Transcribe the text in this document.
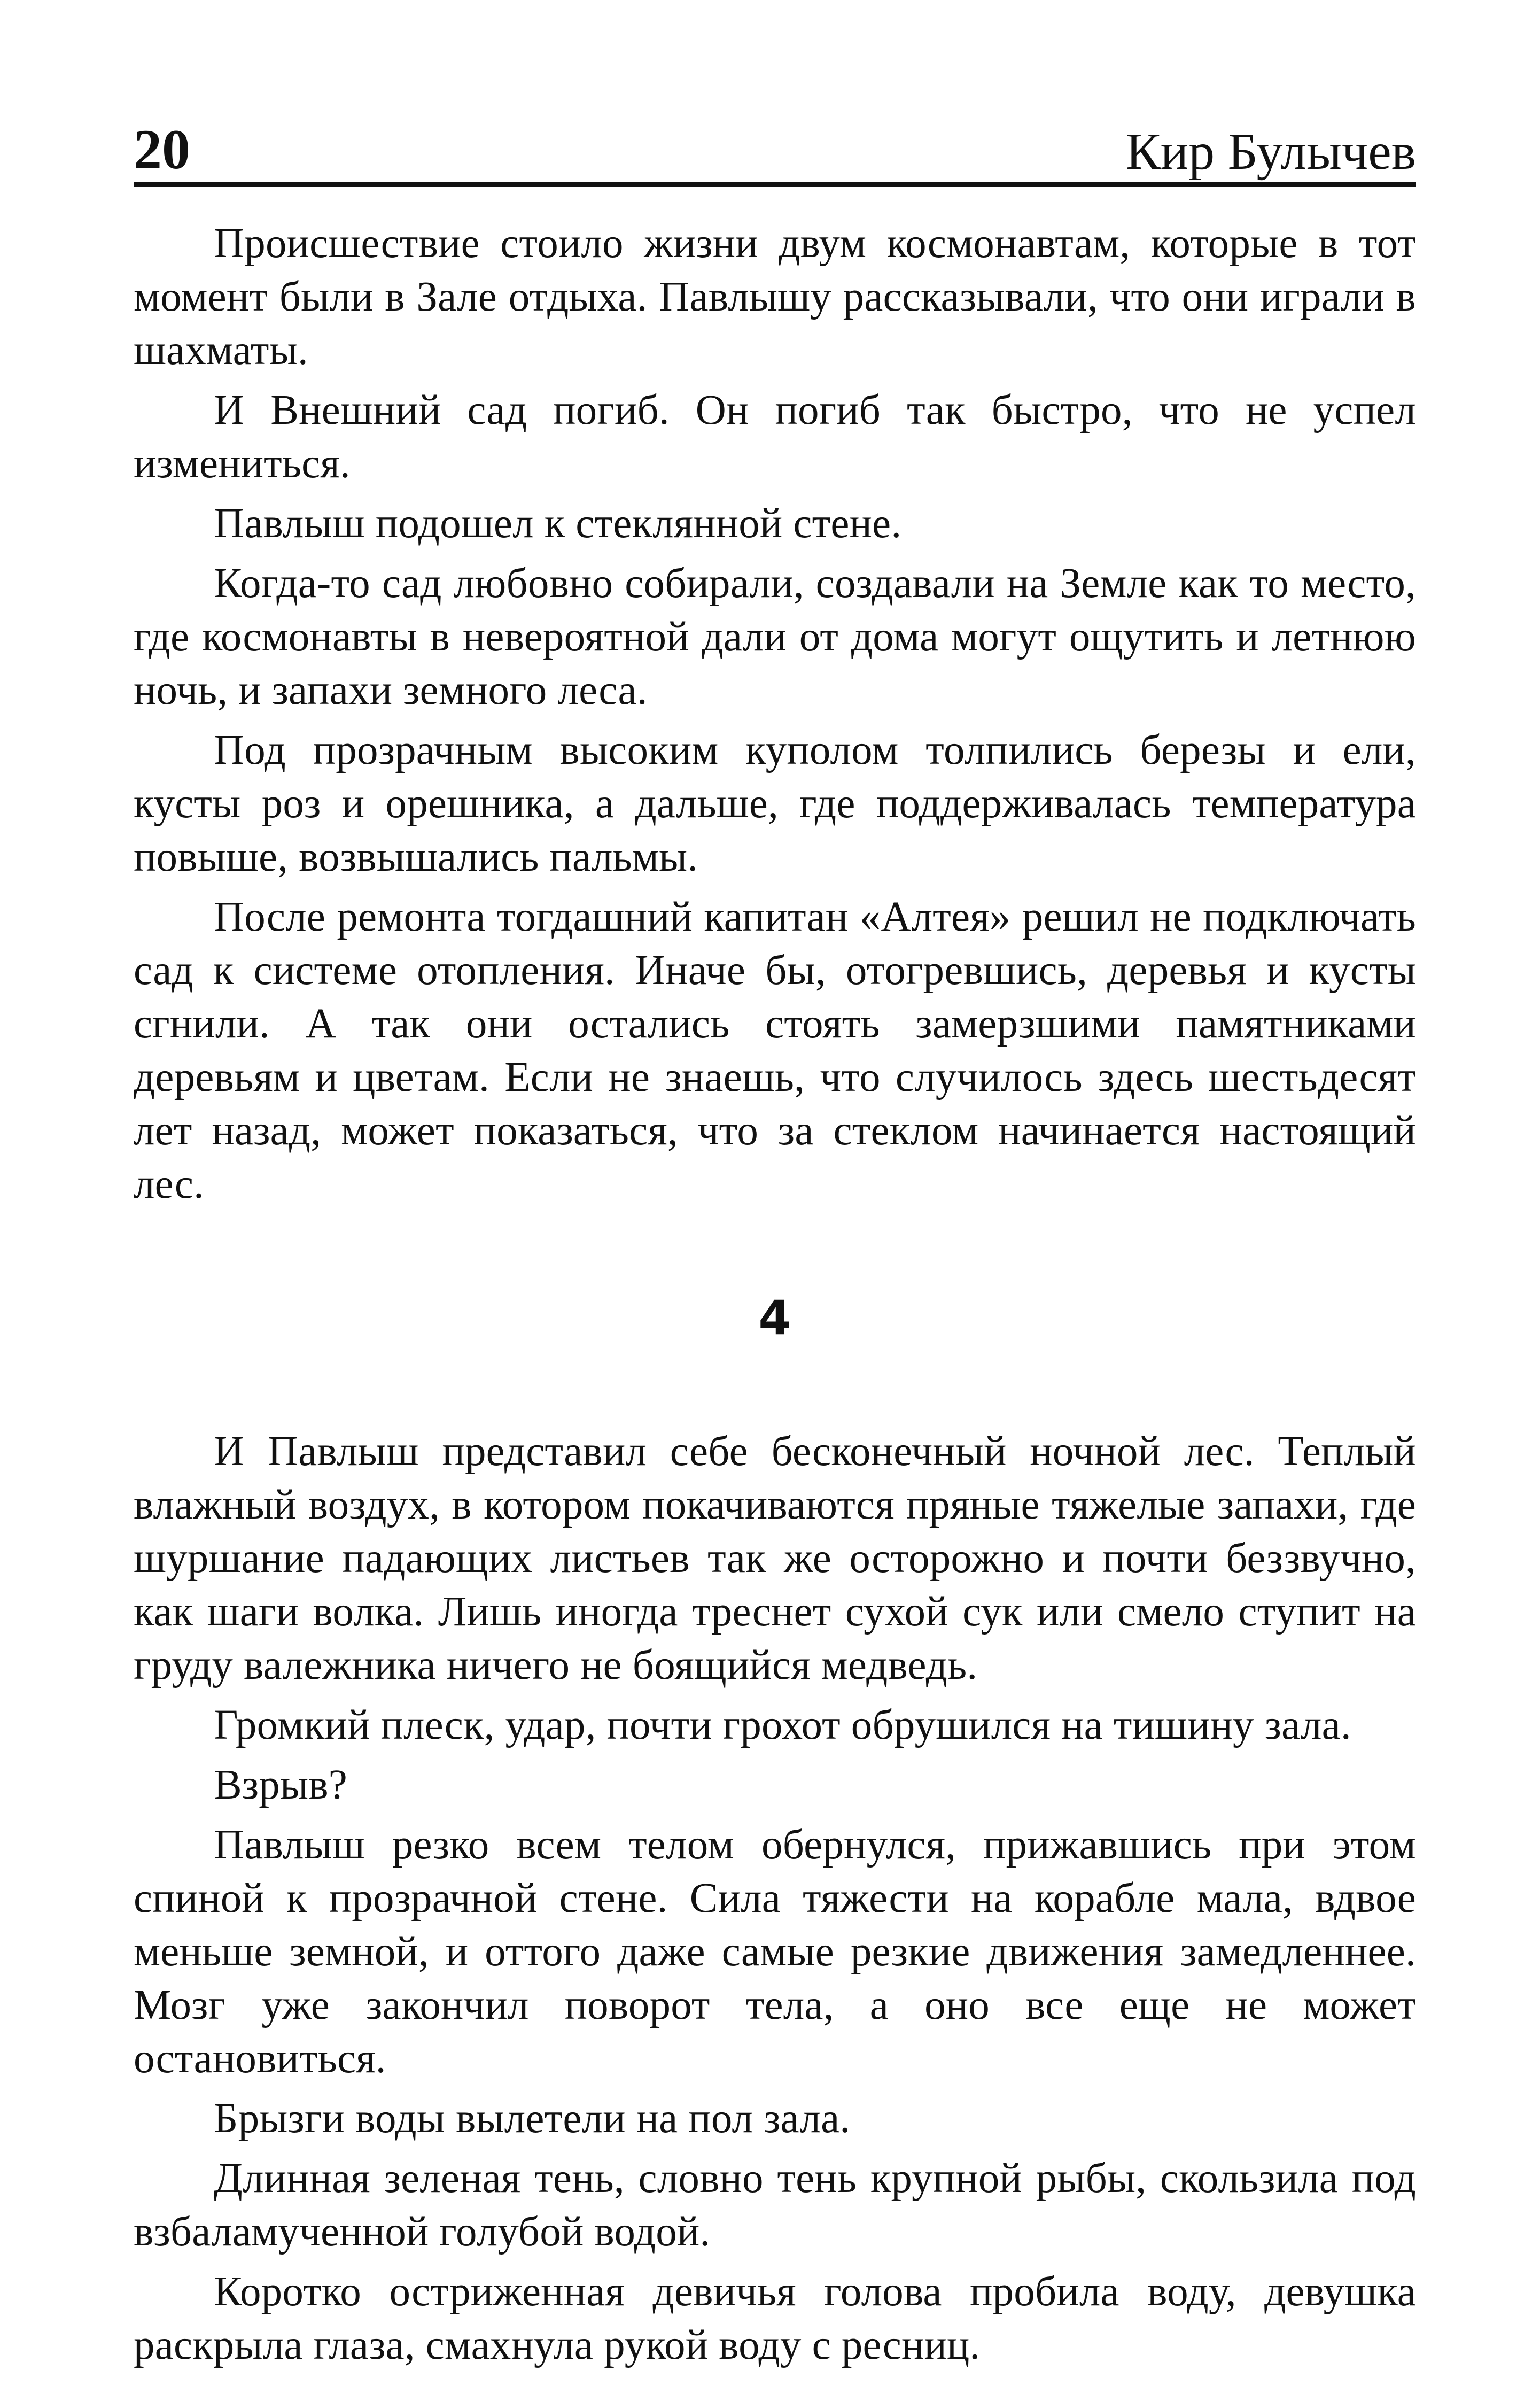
20	Кир Булычев

Происшествие стоило жизни двум космонавтам, которые в тот момент были в Зале отдыха. Павлышу рассказывали, что они играли в шахматы.

И Внешний сад погиб. Он погиб так быстро, что не успел измениться.

Павлыш подошел к стеклянной стене.

Когда-то сад любовно собирали, создавали на Земле как то место, где космонавты в невероятной дали от дома могут ощутить и летнюю ночь, и запахи земного леса.

Под прозрачным высоким куполом толпились березы и ели, кусты роз и орешника, а дальше, где поддерживалась температура повыше, возвышались пальмы.

После ремонта тогдашний капитан «Алтея» решил не подключать сад к системе отопления. Иначе бы, отогревшись, деревья и кусты сгнили. А так они остались стоять замерзшими памятниками деревьям и цветам. Если не знаешь, что случилось здесь шестьдесят лет назад, может показаться, что за стеклом начинается настоящий лес.

4

И Павлыш представил себе бесконечный ночной лес. Теплый влажный воздух, в котором покачиваются пряные тяжелые запахи, где шуршание падающих листьев так же осторожно и почти беззвучно, как шаги волка. Лишь иногда треснет сухой сук или смело ступит на груду валежника ничего не боящийся медведь.

Громкий плеск, удар, почти грохот обрушился на тишину зала.

Взрыв?

Павлыш резко всем телом обернулся, прижавшись при этом спиной к прозрачной стене. Сила тяжести на корабле мала, вдвое меньше земной, и оттого даже самые резкие движения замедленнее. Мозг уже закончил поворот тела, а оно все еще не может остановиться.

Брызги воды вылетели на пол зала.

Длинная зеленая тень, словно тень крупной рыбы, скользила под взбаламученной голубой водой.

Коротко остриженная девичья голова пробила воду, девушка раскрыла глаза, смахнула рукой воду с ресниц.
